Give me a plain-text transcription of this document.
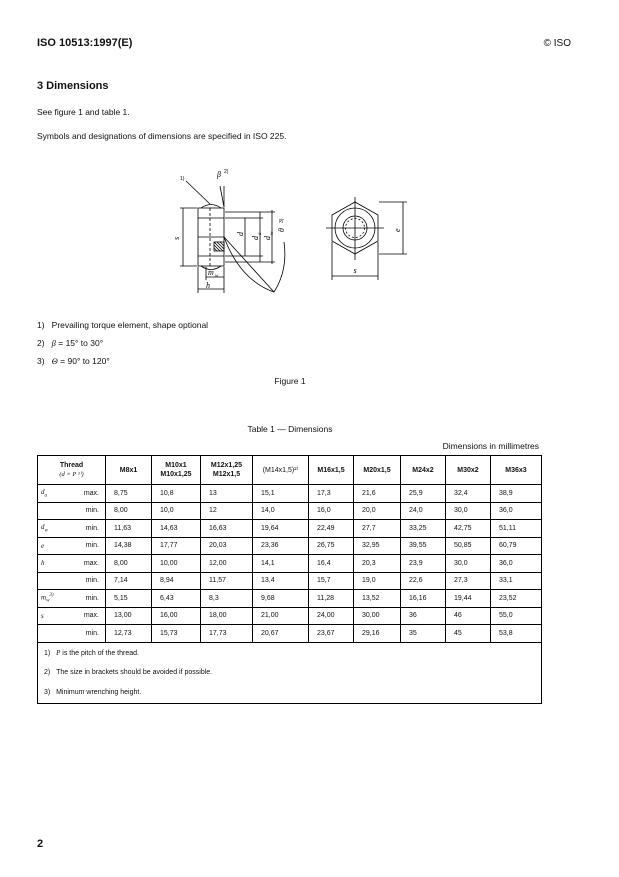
ISO 10513:1997(E)	© ISO
3 Dimensions
See figure 1 and table 1.
Symbols and designations of dimensions are specified in ISO 225.
1)	β 2)
θ
3)
m w
h
d
d
a
d
w
s
s
e
1) Prevailing torque element, shape optional
2) β = 15° to 30°
3) Θ = 90° to 120°
Figure 1
Table 1 — Dimensions
Dimensions in millimetres
Thread
(d × P ¹⁾)		M8x1	M10x1 M10x1,25	M12x1,25 M12x1,5	(M14x1,5)²⁾	M16x1,5	M20x1,5	M24x2	M30x2	M36x3
$d_a$	max.	8,75	10,8	13	15,1	17,3	21,6	25,9	32,4	38,9
	min.	8,00	10,0	12	14,0	16,0	20,0	24,0	30,0	36,0
$d_w$	min.	11,63	14,63	16,63	19,64	22,49	27,7	33,25	42,75	51,11
e	min.	14,38	17,77	20,03	23,36	26,75	32,95	39,55	50,85	60,79
h	max.	8,00	10,00	12,00	14,1	16,4	20,3	23,9	30,0	36,0
	min.	7,14	8,94	11,57	13,4	15,7	19,0	22,6	27,3	33,1
$m_w^{3)}$	min.	5,15	6,43	8,3	9,68	11,28	13,52	16,16	19,44	23,52
s	max.	13,00	16,00	18,00	21,00	24,00	30,00	36	46	55,0
	min.	12,73	15,73	17,73	20,67	23,67	29,16	35	45	53,8
1) P is the pitch of the thread.										
2) The size in brackets should be avoided if possible.										
3) Minimum wrenching height.										
2
